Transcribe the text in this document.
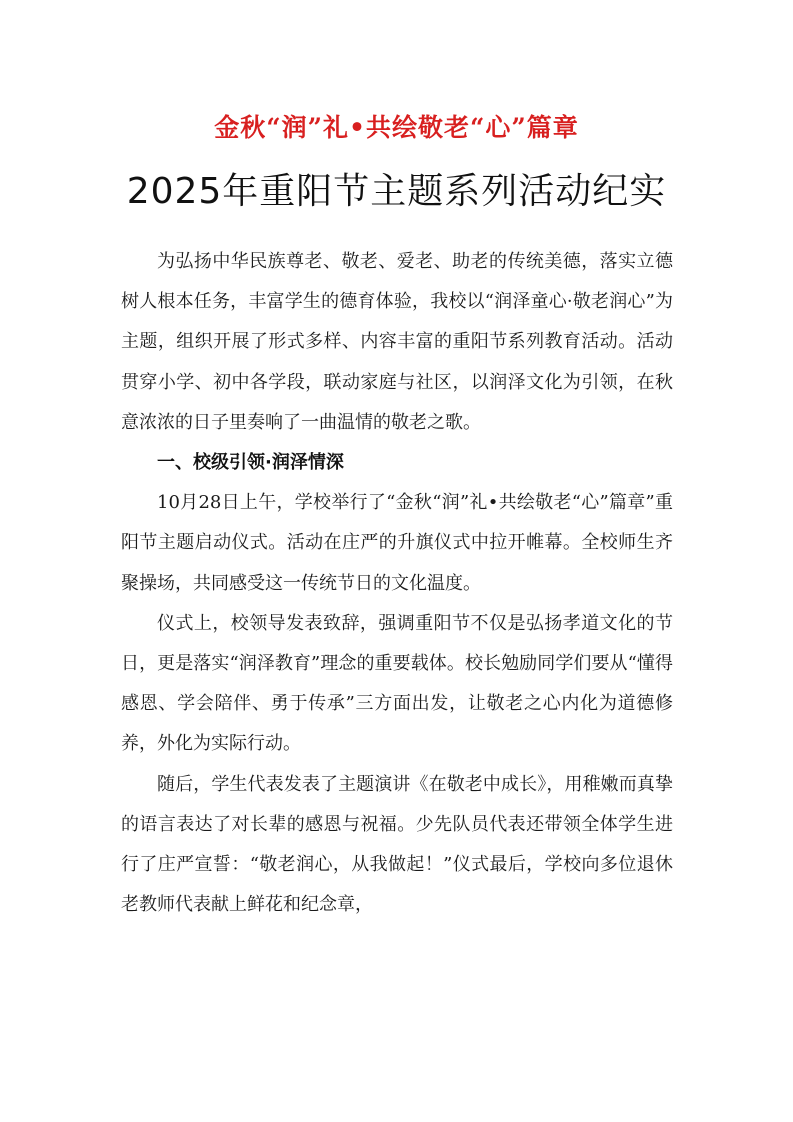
金秋“润”礼•共绘敬老“心”篇章
2025年重阳节主题系列活动纪实

为弘扬中华民族尊老、敬老、爱老、助老的传统美德，落实立德树人根本任务，丰富学生的德育体验，我校以“润泽童心·敬老润心”为主题，组织开展了形式多样、内容丰富的重阳节系列教育活动。活动贯穿小学、初中各学段，联动家庭与社区，以润泽文化为引领，在秋意浓浓的日子里奏响了一曲温情的敬老之歌。

一、校级引领·润泽情深

10月28日上午，学校举行了“金秋“润”礼•共绘敬老“心”篇章”重阳节主题启动仪式。活动在庄严的升旗仪式中拉开帷幕。全校师生齐聚操场，共同感受这一传统节日的文化温度。

仪式上，校领导发表致辞，强调重阳节不仅是弘扬孝道文化的节日，更是落实“润泽教育”理念的重要载体。校长勉励同学们要从“懂得感恩、学会陪伴、勇于传承”三方面出发，让敬老之心内化为道德修养，外化为实际行动。

随后，学生代表发表了主题演讲《在敬老中成长》，用稚嫩而真挚的语言表达了对长辈的感恩与祝福。少先队员代表还带领全体学生进行了庄严宣誓：“敬老润心，从我做起！”仪式最后，学校向多位退休老教师代表献上鲜花和纪念章，
